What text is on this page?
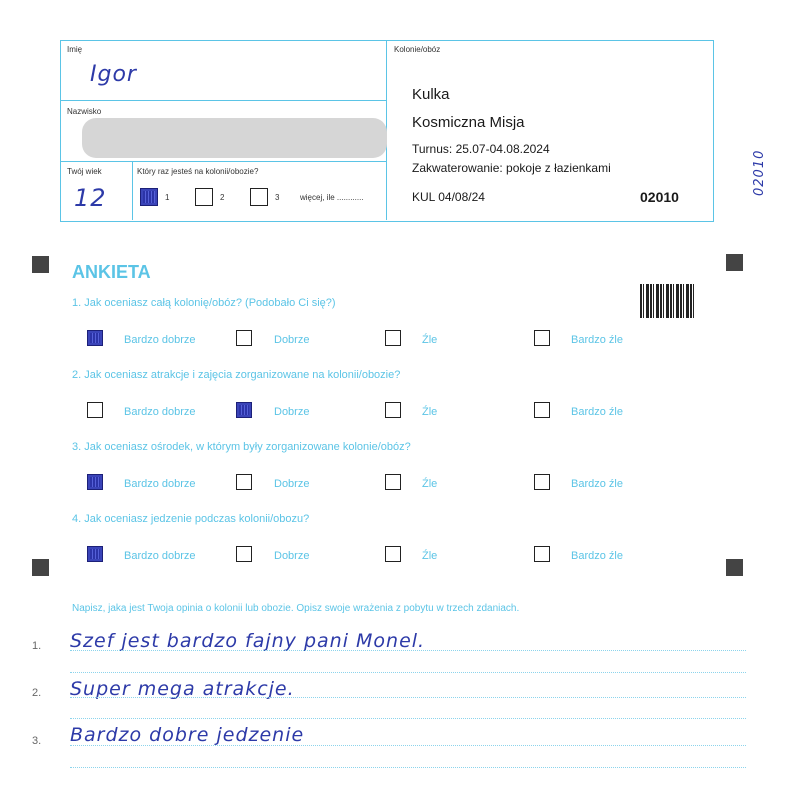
Imię
Igor
Nazwisko
Twój wiek
12
Który raz jesteś na kolonii/obozie?
1	2	3	więcej, ile ............
Kolonie/obóz
Kulka
Kosmiczna Misja
Turnus: 25.07-04.08.2024
Zakwaterowanie: pokoje z łazienkami
KUL 04/08/24	02010
02010
ANKIETA
1. Jak oceniasz całą kolonię/obóz? (Podobało Ci się?)
Bardzo dobrze	Dobrze	Źle	Bardzo źle
2. Jak oceniasz atrakcje i zajęcia zorganizowane na kolonii/obozie?
Bardzo dobrze	Dobrze	Źle	Bardzo źle
3. Jak oceniasz ośrodek, w którym były zorganizowane kolonie/obóz?
Bardzo dobrze	Dobrze	Źle	Bardzo źle
4. Jak oceniasz jedzenie podczas kolonii/obozu?
Bardzo dobrze	Dobrze	Źle	Bardzo źle
Napisz, jaka jest Twoja opinia o kolonii lub obozie. Opisz swoje wrażenia z pobytu w trzech zdaniach.
1. Szef jest bardzo fajny pani Monel.
2. Super mega atrakcje.
3. Bardzo dobre jedzenie
